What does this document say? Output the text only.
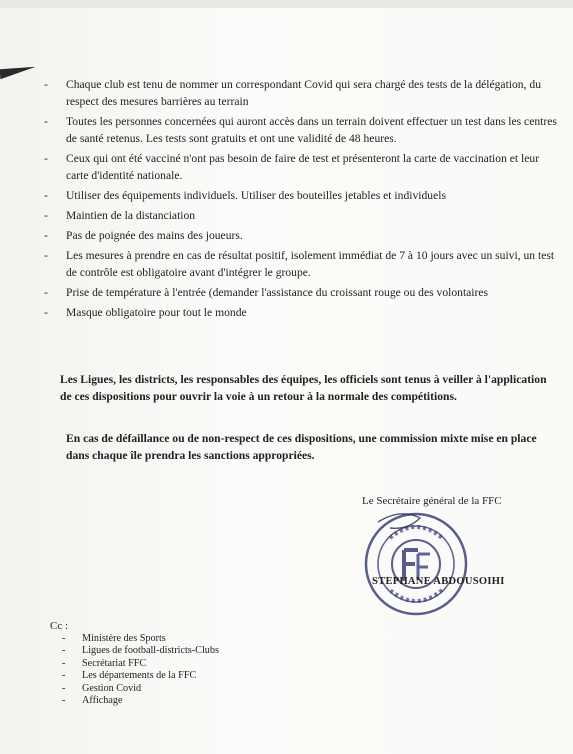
- Chaque club est tenu de nommer un correspondant Covid qui sera chargé des tests de la délégation, du respect des mesures barrières au terrain
- Toutes les personnes concernées qui auront accès dans un terrain doivent effectuer un test dans les centres de santé retenus. Les tests sont gratuits et ont une validité de 48 heures.
- Ceux qui ont été vacciné n'ont pas besoin de faire de test et présenteront la carte de vaccination et leur carte d'identité nationale.
- Utiliser des équipements individuels. Utiliser des bouteilles jetables et individuels
- Maintien de la distanciation
- Pas de poignée des mains des joueurs.
- Les mesures à prendre en cas de résultat positif, isolement immédiat de 7 à 10 jours avec un suivi, un test de contrôle est obligatoire avant d'intégrer le groupe.
- Prise de température à l'entrée (demander l'assistance du croissant rouge ou des volontaires
- Masque obligatoire pour tout le monde
Les Ligues, les districts, les responsables des équipes, les officiels sont tenus à veiller à l'application de ces dispositions pour ouvrir la voie à un retour à la normale des compétitions.
En cas de défaillance ou de non-respect de ces dispositions, une commission mixte mise en place dans chaque île prendra les sanctions appropriées.
Le Secrétaire général de la FFC
STEPHANE ABDOUSOIHI
Cc :
- Ministère des Sports
- Ligues de football-districts-Clubs
- Secrétariat FFC
- Les départements de la FFC
- Gestion Covid
- Affichage
